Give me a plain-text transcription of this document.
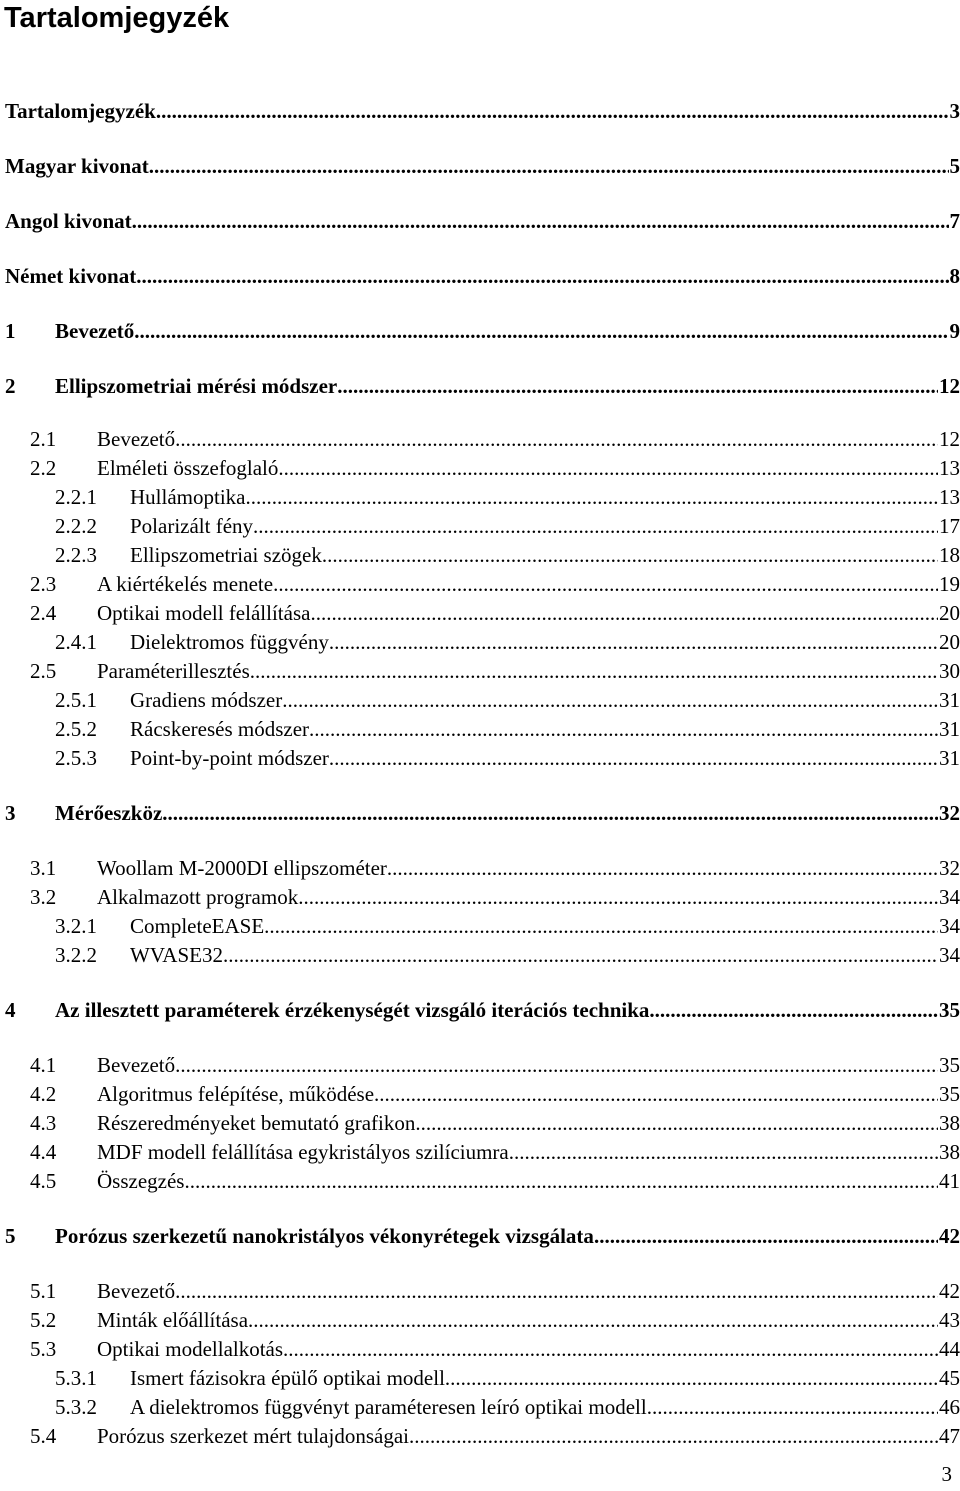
Tartalomjegyzék
Tartalomjegyzék .....	3
Magyar kivonat .....	5
Angol kivonat .....	7
Német kivonat .....	8
1 Bevezető .....	9
2 Ellipszometriai mérési módszer .....	12
2.1 Bevezető .....	12
2.2 Elméleti összefoglaló .....	13
2.2.1 Hullámoptika .....	13
2.2.2 Polarizált fény .....	17
2.2.3 Ellipszometriai szögek .....	18
2.3 A kiértékelés menete .....	19
2.4 Optikai modell felállítása .....	20
2.4.1 Dielektromos függvény .....	20
2.5 Paraméterillesztés .....	30
2.5.1 Gradiens módszer .....	31
2.5.2 Rácskeresés módszer .....	31
2.5.3 Point-by-point módszer .....	31
3 Mérőeszköz .....	32
3.1 Woollam M-2000DI ellipszométer .....	32
3.2 Alkalmazott programok .....	34
3.2.1 CompleteEASE .....	34
3.2.2 WVASE32 .....	34
4 Az illesztett paraméterek érzékenységét vizsgáló iterációs technika .....	35
4.1 Bevezető .....	35
4.2 Algoritmus felépítése, működése .....	35
4.3 Részeredményeket bemutató grafikon .....	38
4.4 MDF modell felállítása egykristályos szilíciumra .....	38
4.5 Összegzés .....	41
5 Porózus szerkezetű nanokristályos vékonyrétegek vizsgálata .....	42
5.1 Bevezető .....	42
5.2 Minták előállítása .....	43
5.3 Optikai modellalkotás .....	44
5.3.1 Ismert fázisokra épülő optikai modell .....	45
5.3.2 A dielektromos függvényt paraméteresen leíró optikai modell .....	46
5.4 Porózus szerkezet mért tulajdonságai .....	47
3
